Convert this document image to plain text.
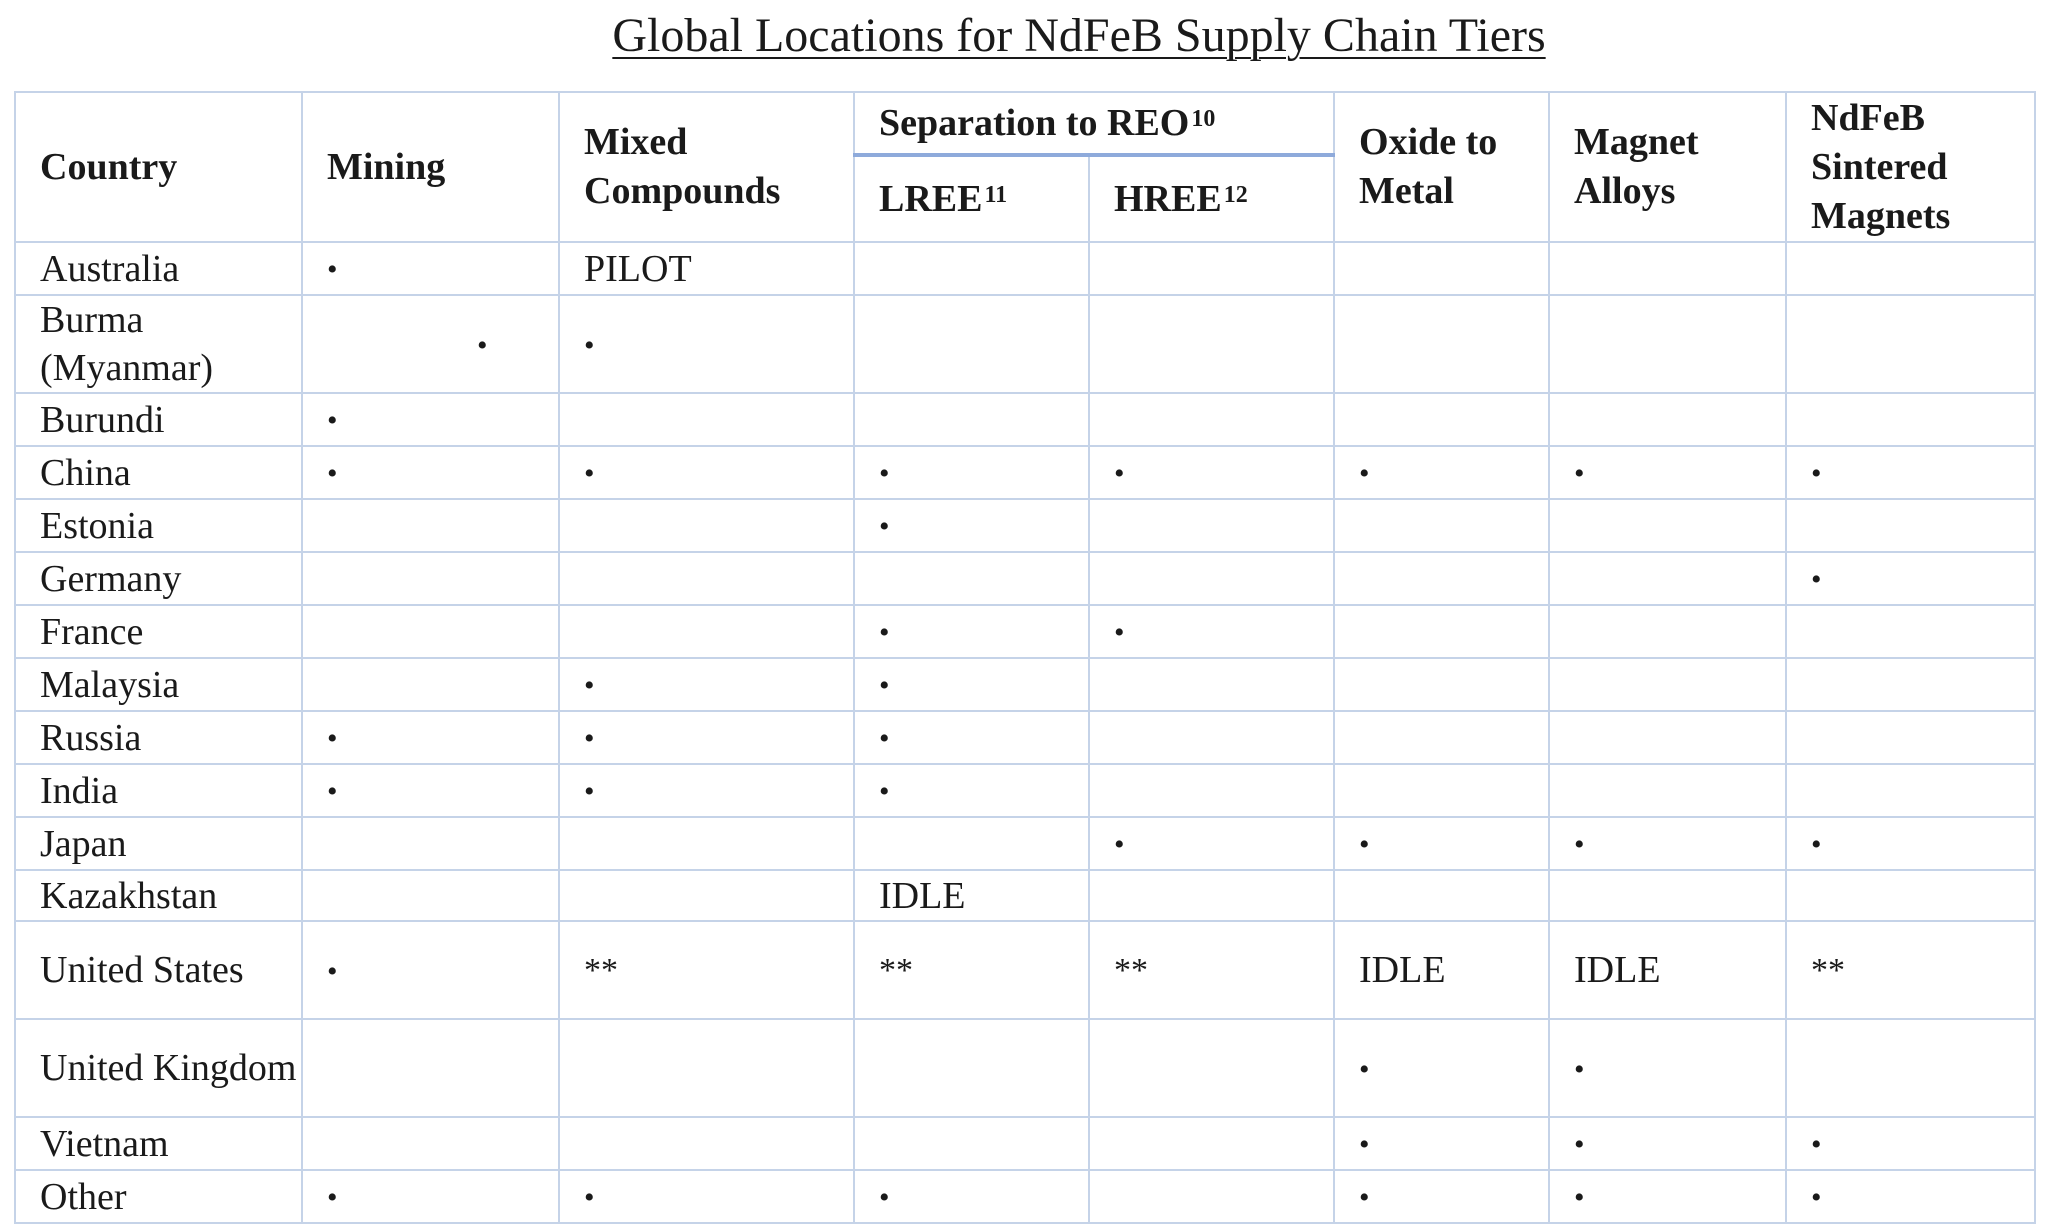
Global Locations for NdFeB Supply Chain Tiers
Country	Mining	Mixed Compounds	Separation to REO$^{10}$		Oxide to Metal	Magnet Alloys	NdFeB Sintered Magnets
			LREE$^{11}$	HREE$^{12}$
Australia	•	PILOT					
Burma (Myanmar)	•	•					
Burundi	•						
China	•	•	•	•	•	•	•
Estonia			•				
Germany							•
France			•	•			
Malaysia		•	•				
Russia	•	•	•				
India	•	•	•				
Japan				•	•	•	•
Kazakhstan			IDLE				
United States	•	**	**	**	IDLE	IDLE	**
United Kingdom					•	•	
Vietnam					•	•	•
Other	•	•	•		•	•	•
